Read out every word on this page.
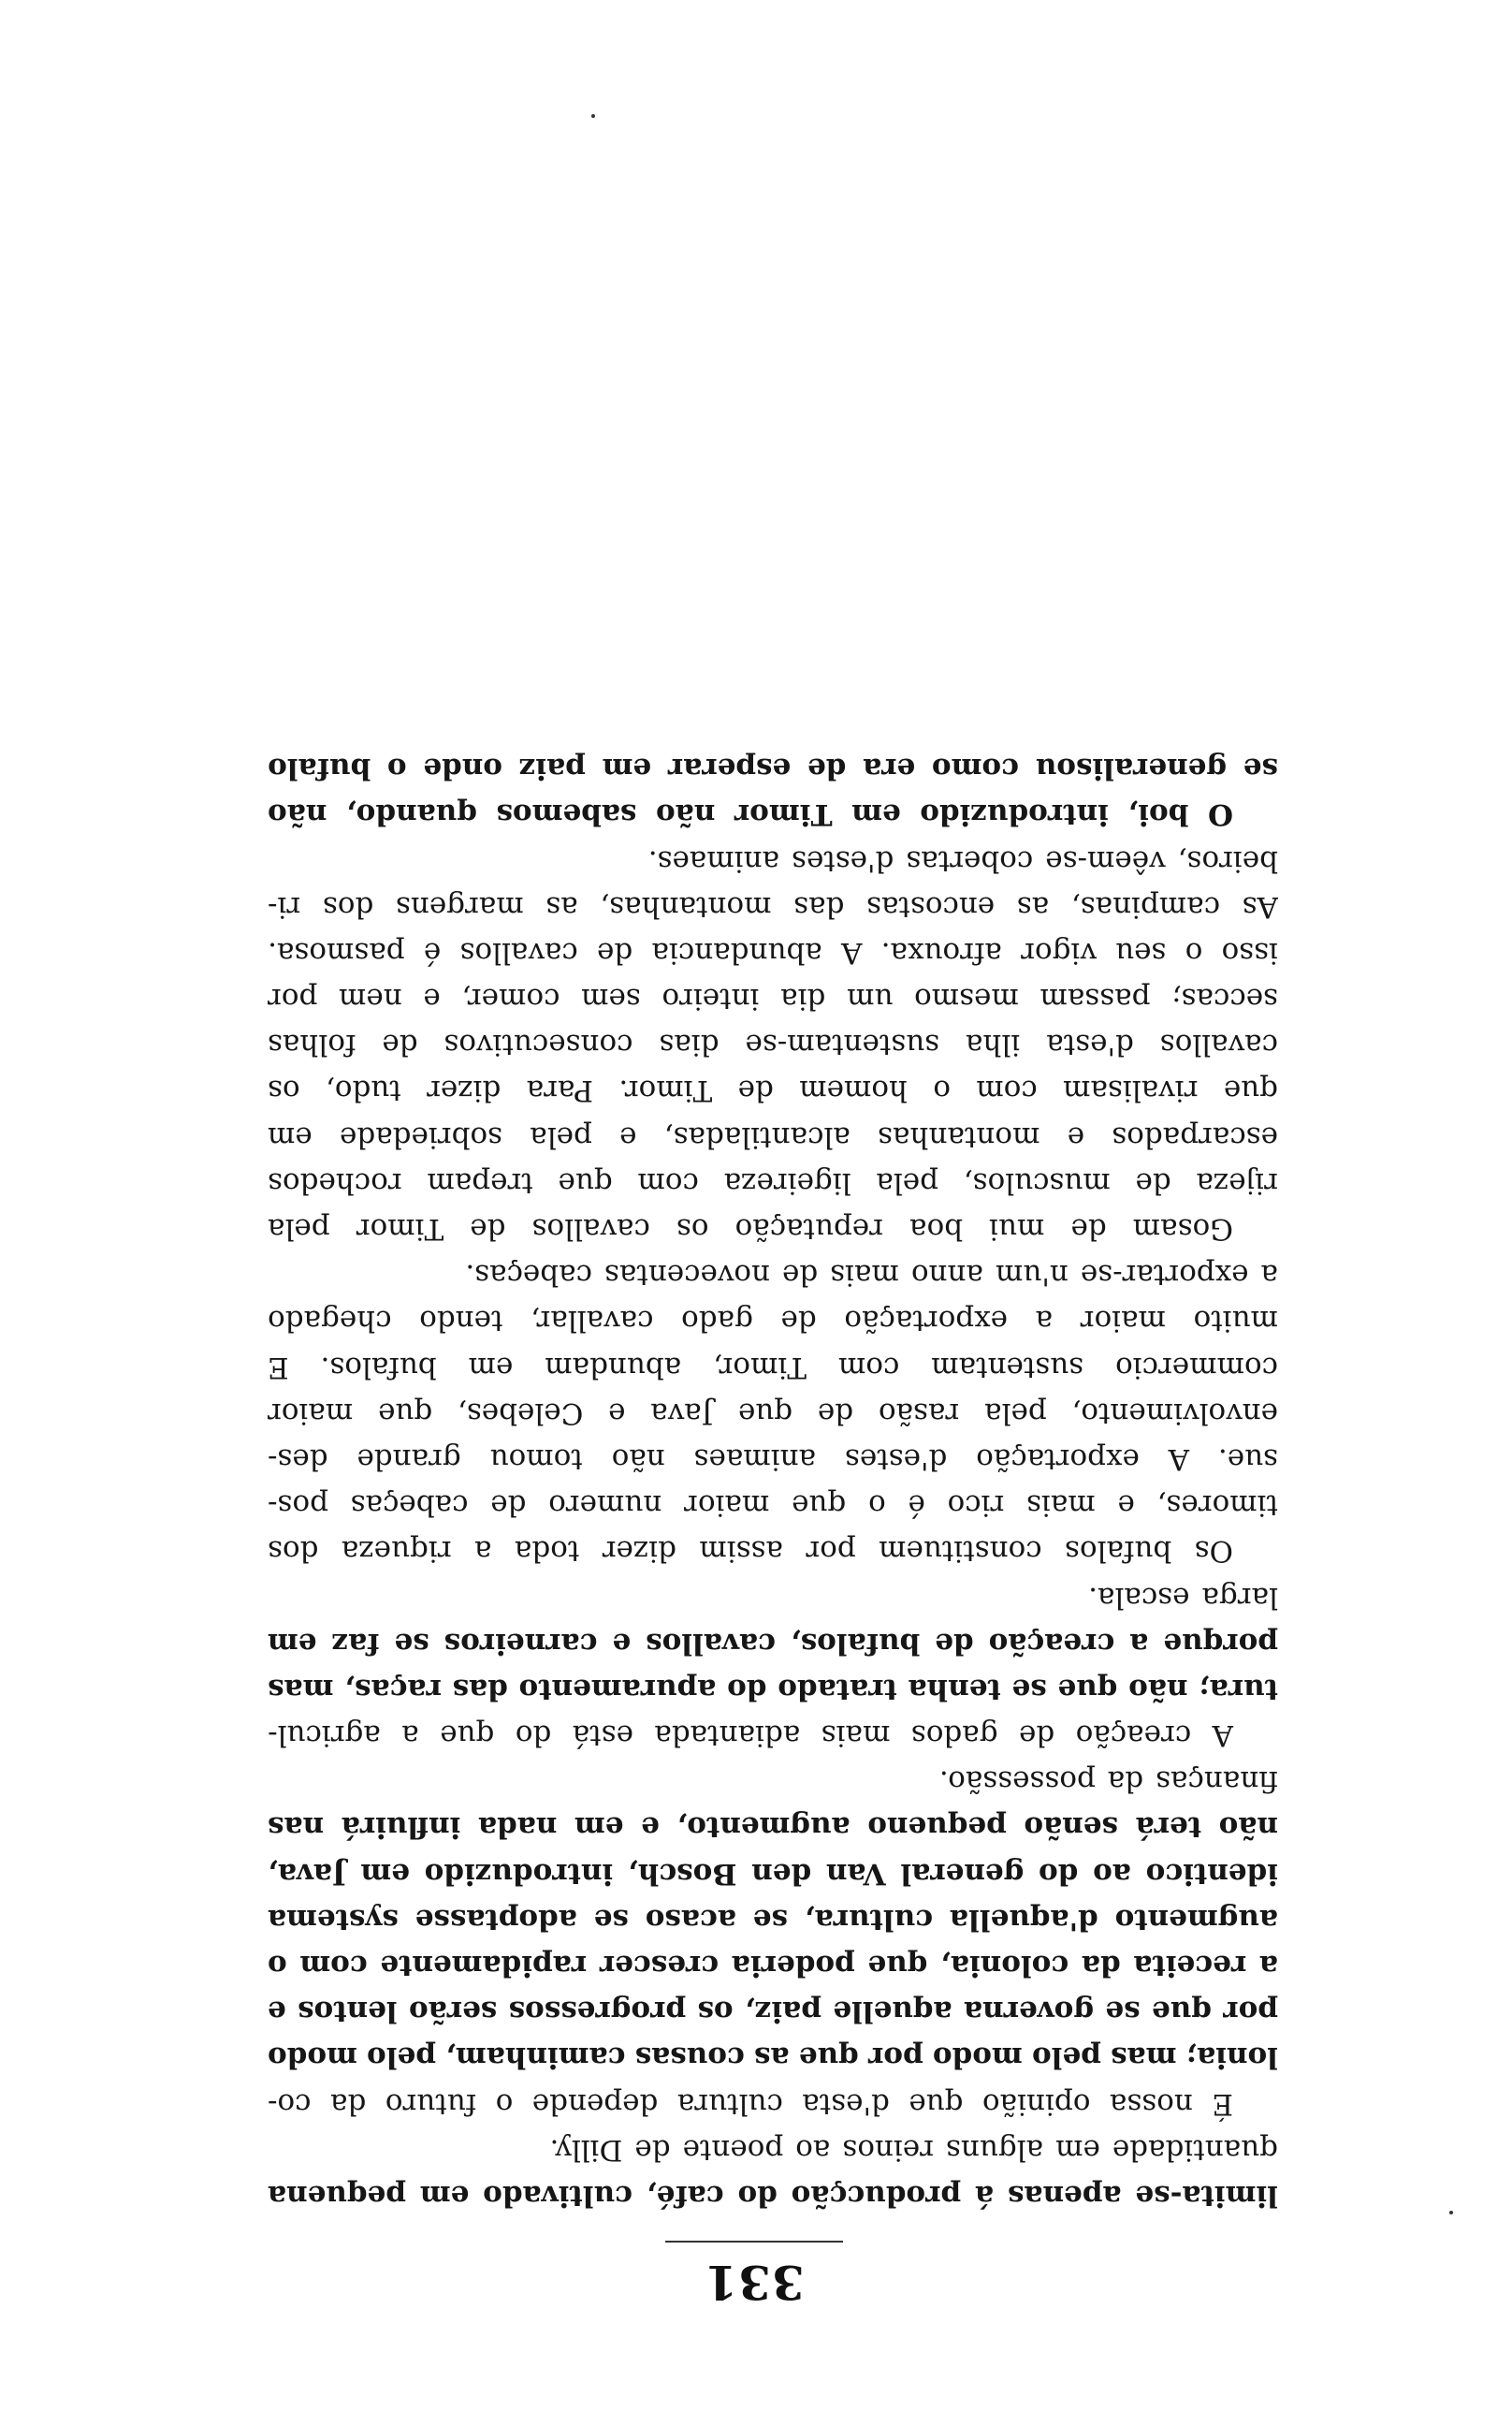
331
limita-se
apenas
á
producção
do
café,
cultivado
em
pequena
quantidade
em
alguns
reinos
ao
poente
de
Dilly.
É
nossa
opinião
que
d'esta
cultura
depende
o
futuro
da
co-
lonia;
mas
pelo
modo
por
que
as
cousas
caminham,
pelo
modo
por
que
se
governa
aquelle
paiz,
os
progressos
serão
lentos
e
a
receita
da
colonia,
que
poderia
crescer
rapidamente
com
o
augmento
d'aquella
cultura,
se
acaso
se
adoptasse
systema
identico
ao
do
general
Van
den
Bosch,
introduzido
em
Java,
não
terá
senão
pequeno
augmento,
e
em
nada
influirá
nas
finanças
da
possessão.
A
creação
de
gados
mais
adiantada
está
do
que
a
agricul-
tura;
não
que
se
tenha
tratado
do
apuramento
das
raças,
mas
porque
a
creação
de
bufalos,
cavallos
e
carneiros
se
faz
em
larga
escala.
Os
bufalos
constituem
por
assim
dizer
toda
a
riqueza
dos
timores,
e
mais
rico
é
o
que
maior
numero
de
cabeças
pos-
sue.
A
exportação
d'estes
animaes
não
tomou
grande
des-
envolvimento,
pela
rasão
de
que
Java
e
Celebes,
que
maior
commercio
sustentam
com
Timor,
abundam
em
bufalos.
E
muito
maior
a
exportação
de
gado
cavallar,
tendo
chegado
a
exportar-se
n'um
anno
mais
de
novecentas
cabeças.
Gosam
de
mui
boa
reputação
os
cavallos
de
Timor
pela
rijeza
de
musculos,
pela
ligeireza
com
que
trepam
rochedos
escarpados
e
montanhas
alcantiladas,
e
pela
sobriedade
em
que
rivalisam
com
o
homem
de
Timor.
Para
dizer
tudo,
os
cavallos
d'esta
ilha
sustentam-se
dias
consecutivos
de
folhas
seccas;
passam
mesmo
um
dia
inteiro
sem
comer,
e
nem
por
isso
o
seu
vigor
afrouxa.
A
abundancia
de
cavallos
é
pasmosa.
As
campinas,
as
encostas
das
montanhas,
as
margens
dos
ri-
beiros,
vêem-se
cobertas
d'estes
animaes.
O
boi,
introduzido
em
Timor
não
sabemos
quando,
não
se
generalisou
como
era
de
esperar
em
paiz
onde
o
bufalo
